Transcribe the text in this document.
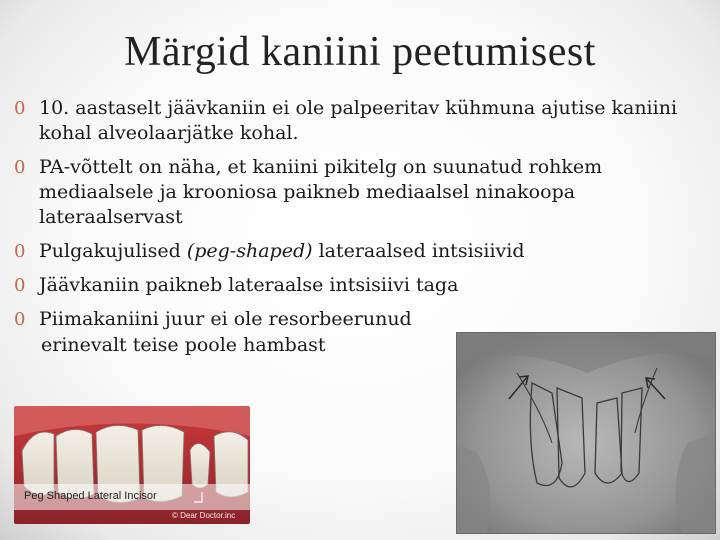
Märgid kaniini peetumisest
0 10. aastaselt jäävkaniin ei ole palpeeritav kühmuna ajutise kaniini kohal alveolaarjätke kohal.
0 PA-võttelt on näha, et kaniini pikitelg on suunatud rohkem mediaalsele ja krooniosa paikneb mediaalsel ninakoopa lateraalservast
0 Pulgakujulised (peg-shaped) lateraalsed intsisiivid
0 Jäävkaniin paikneb lateraalse intsisiivi taga
0 Piimakaniini juur ei ole resorbeerunud
erinevalt teise poole hambast
Peg Shaped Lateral Incisor
© Dear Doctor.inc
